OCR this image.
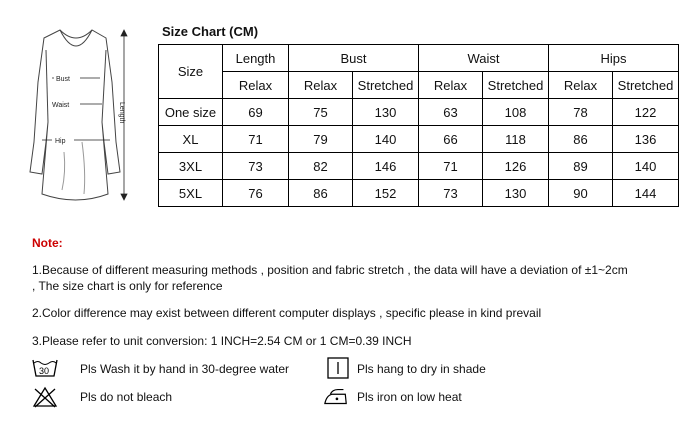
Bust
Waist
Hip
Length
Size Chart (CM)
Size	Length	Bust		Waist		Hips	
	Relax	Relax	Stretched	Relax	Stretched	Relax	Stretched
One size	69	75	130	63	108	78	122
XL	71	79	140	66	118	86	136
3XL	73	82	146	71	126	89	140
5XL	76	86	152	73	130	90	144
Note:
1.Because of different measuring methods , position and fabric stretch , the data will have a deviation of ±1~2cm
, The size chart is only for reference
2.Color difference may exist between different computer displays , specific please in kind prevail
3.Please refer to unit conversion: 1 INCH=2.54 CM or 1 CM=0.39 INCH
30	Pls Wash it by hand in 30-degree water	Pls hang to dry in shade
Pls do not bleach	Pls iron on low heat
